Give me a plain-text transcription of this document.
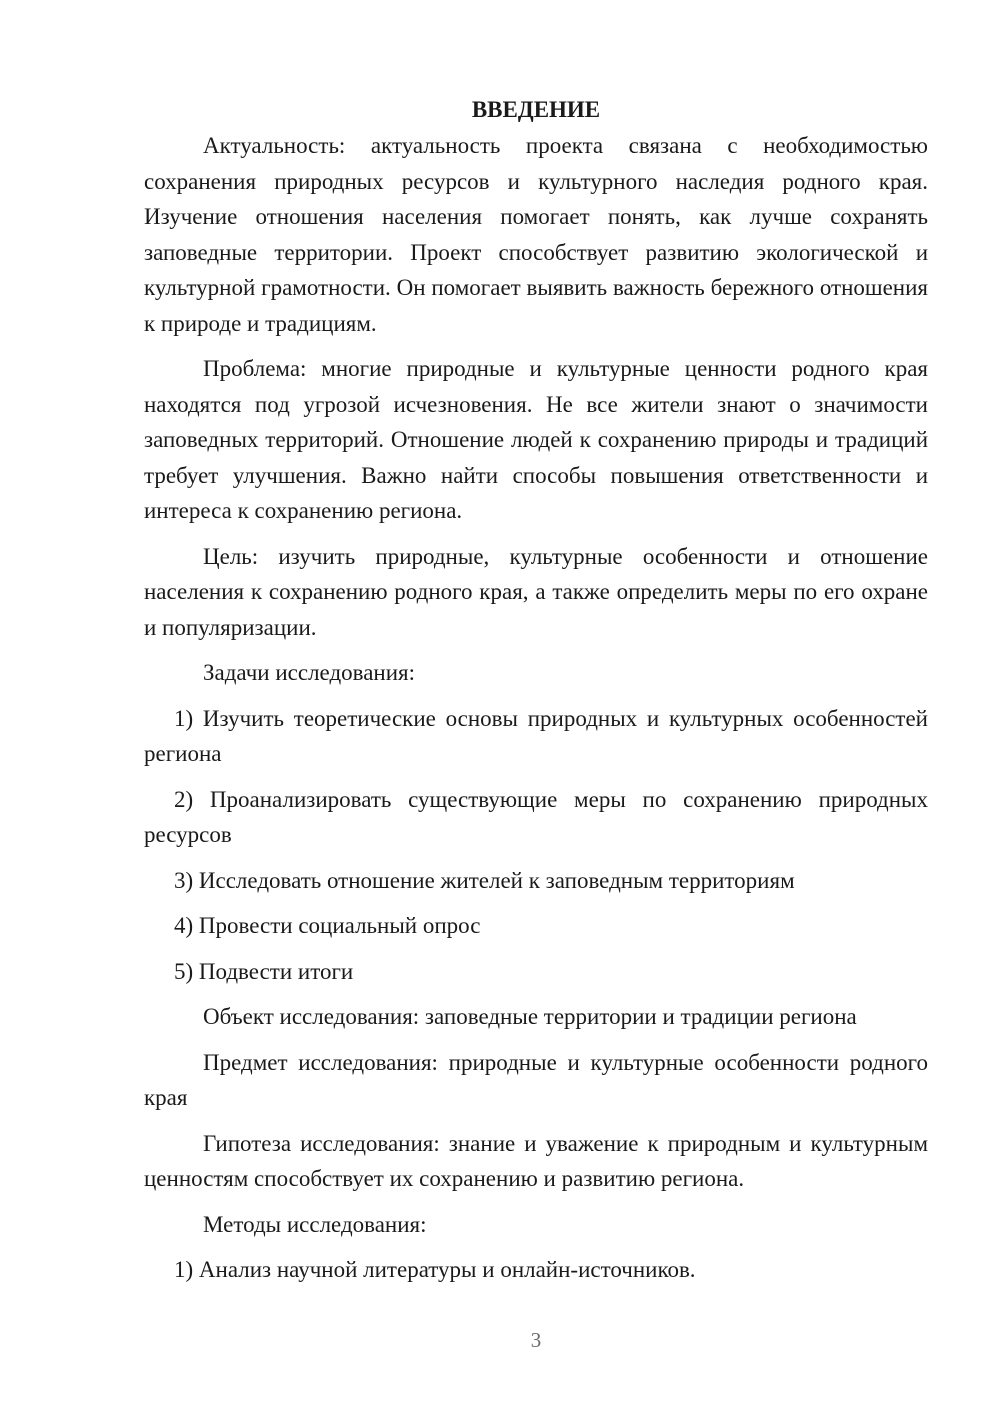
ВВЕДЕНИЕ

Актуальность: актуальность проекта связана с необходимостью сохранения природных ресурсов и культурного наследия родного края. Изучение отношения населения помогает понять, как лучше сохранять заповедные территории. Проект способствует развитию экологической и культурной грамотности. Он помогает выявить важность бережного отношения к природе и традициям.

Проблема: многие природные и культурные ценности родного края находятся под угрозой исчезновения. Не все жители знают о значимости заповедных территорий. Отношение людей к сохранению природы и традиций требует улучшения. Важно найти способы повышения ответственности и интереса к сохранению региона.

Цель: изучить природные, культурные особенности и отношение населения к сохранению родного края, а также определить меры по его охране и популяризации.

Задачи исследования:

1) Изучить теоретические основы природных и культурных особенностей региона

2) Проанализировать существующие меры по сохранению природных ресурсов

3) Исследовать отношение жителей к заповедным территориям

4) Провести социальный опрос

5) Подвести итоги

Объект исследования: заповедные территории и традиции региона

Предмет исследования: природные и культурные особенности родного края

Гипотеза исследования: знание и уважение к природным и культурным ценностям способствует их сохранению и развитию региона.

Методы исследования:

1) Анализ научной литературы и онлайн-источников.

3
